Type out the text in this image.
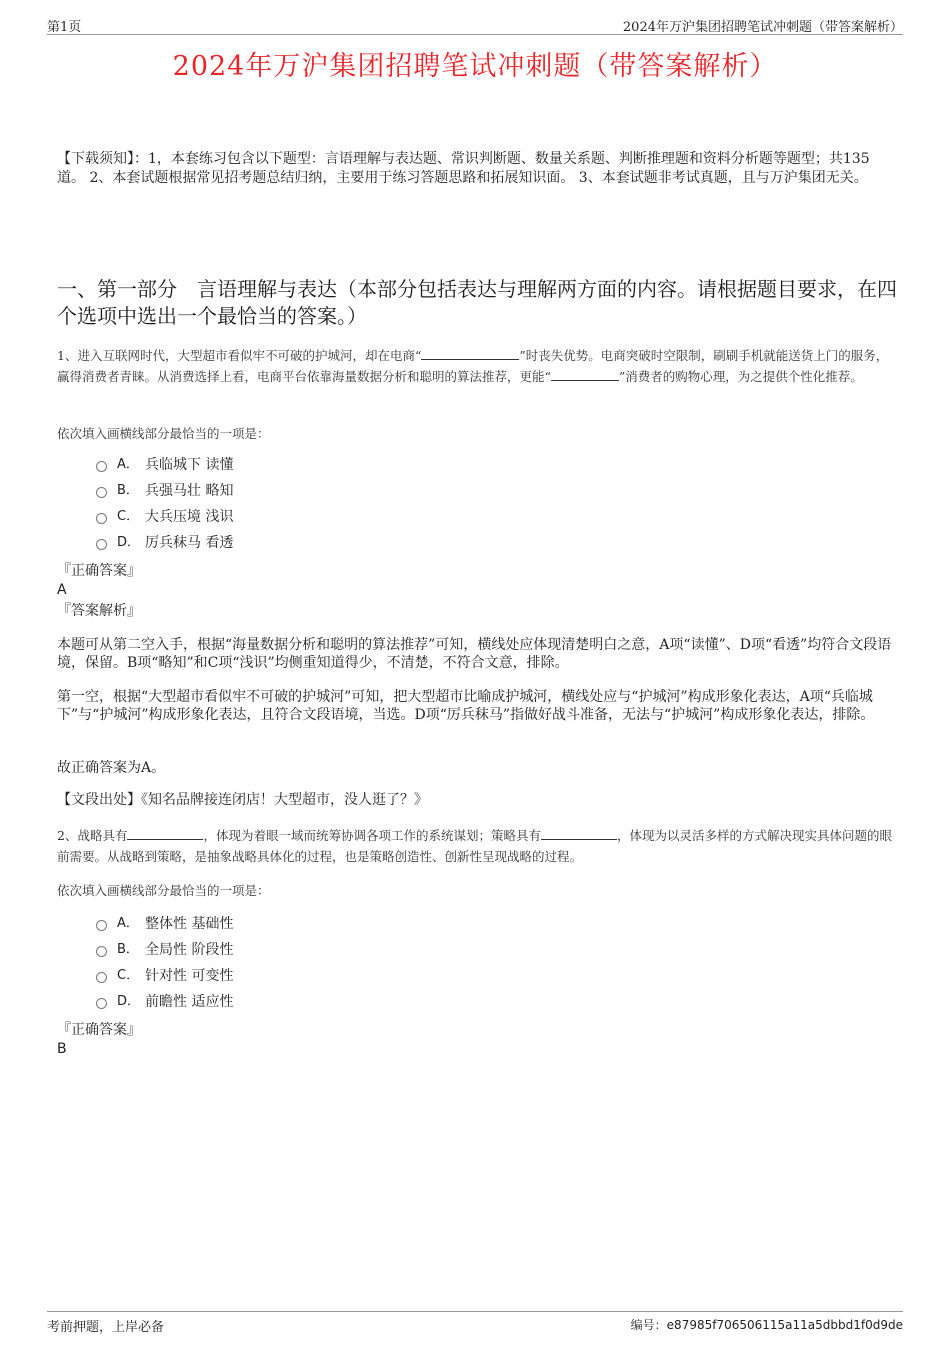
第1页	2024年万沪集团招聘笔试冲刺题（带答案解析）
2024年万沪集团招聘笔试冲刺题（带答案解析）
【下载须知】：1，本套练习包含以下题型：言语理解与表达题、常识判断题、数量关系题、判断推理题和资料分析题等题型；共135道。 2、本套试题根据常见招考题总结归纳，主要用于练习答题思路和拓展知识面。 3、本套试题非考试真题，且与万沪集团无关。
一、第一部分　言语理解与表达（本部分包括表达与理解两方面的内容。请根据题目要求，在四个选项中选出一个最恰当的答案。）
1、进入互联网时代，大型超市看似牢不可破的护城河，却在电商“	”时丧失优势。电商突破时空限制，刷刷手机就能送货上门的服务，赢得消费者青睐。从消费选择上看，电商平台依靠海量数据分析和聪明的算法推荐，更能“	”消费者的购物心理，为之提供个性化推荐。
依次填入画横线部分最恰当的一项是：
A． 兵临城下 读懂
B． 兵强马壮 略知
C． 大兵压境 浅识
D． 厉兵秣马 看透
『正确答案』
A
『答案解析』
本题可从第二空入手，根据“海量数据分析和聪明的算法推荐”可知，横线处应体现清楚明白之意，A项“读懂”、D项“看透”均符合文段语境，保留。B项“略知”和C项“浅识”均侧重知道得少，不清楚，不符合文意，排除。
第一空，根据“大型超市看似牢不可破的护城河”可知，把大型超市比喻成护城河，横线处应与“护城河”构成形象化表达，A项“兵临城下”与“护城河”构成形象化表达，且符合文段语境，当选。D项“厉兵秣马”指做好战斗准备，无法与“护城河”构成形象化表达，排除。
故正确答案为A。
【文段出处】《知名品牌接连闭店！大型超市，没人逛了？》
2、战略具有	，体现为着眼一域而统筹协调各项工作的系统谋划；策略具有	，体现为以灵活多样的方式解决现实具体问题的眼前需要。从战略到策略，是抽象战略具体化的过程，也是策略创造性、创新性呈现战略的过程。
依次填入画横线部分最恰当的一项是：
A． 整体性 基础性
B． 全局性 阶段性
C． 针对性 可变性
D． 前瞻性 适应性
『正确答案』
B
考前押题，上岸必备	编号：e87985f706506115a11a5dbbd1f0d9de
